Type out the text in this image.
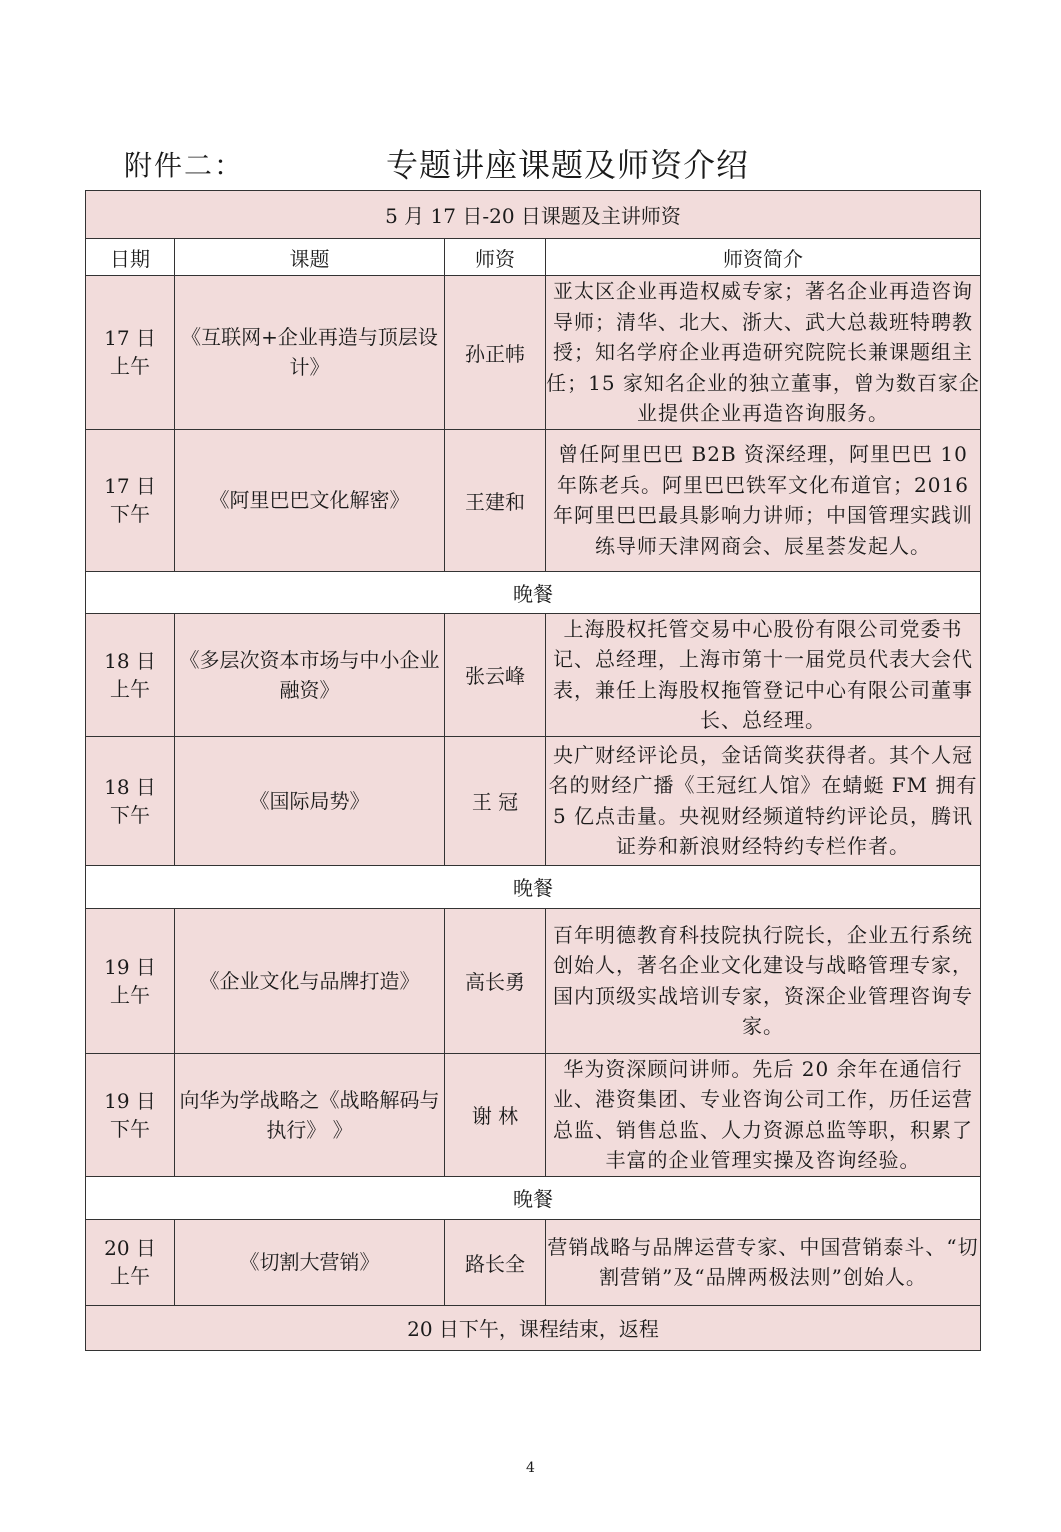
附件二：	专题讲座课题及师资介绍
5 月 17 日-20 日课题及主讲师资			
日期	课题	师资	师资简介

17 日
上午	《互联网+企业再造与顶层设计》	孙正帏	亚太区企业再造权威专家；著名企业再造咨询导师；清华、北大、浙大、武大总裁班特聘教授；知名学府企业再造研究院院长兼课题组主任；15 家知名企业的独立董事，曾为数百家企业提供企业再造咨询服务。

17 日
下午	《阿里巴巴文化解密》	王建和	曾任阿里巴巴 B2B 资深经理，阿里巴巴 10 年陈老兵。阿里巴巴铁军文化布道官；2016 年阿里巴巴最具影响力讲师；中国管理实践训练导师天津网商会、辰星荟发起人。
晚餐			

18 日
上午	《多层次资本市场与中小企业融资》	张云峰	上海股权托管交易中心股份有限公司党委书记、总经理，上海市第十一届党员代表大会代表，兼任上海股权拖管登记中心有限公司董事长、总经理。

18 日
下午	《国际局势》	王 冠	央广财经评论员，金话筒奖获得者。其个人冠名的财经广播《王冠红人馆》在蜻蜓 FM 拥有 5 亿点击量。央视财经频道特约评论员，腾讯证券和新浪财经特约专栏作者。
晚餐			

19 日
上午	《企业文化与品牌打造》	高长勇	百年明德教育科技院执行院长，企业五行系统创始人，著名企业文化建设与战略管理专家，国内顶级实战培训专家，资深企业管理咨询专家。

19 日
下午	向华为学战略之《战略解码与执行》 》	谢 林	华为资深顾问讲师。先后 20 余年在通信行业、港资集团、专业咨询公司工作，历任运营总监、销售总监、人力资源总监等职，积累了丰富的企业管理实操及咨询经验。
晚餐			

20 日
上午	《切割大营销》	路长全	营销战略与品牌运营专家、中国营销泰斗、“切割营销”及“品牌两极法则”创始人。
20 日下午，课程结束，返程			
4
